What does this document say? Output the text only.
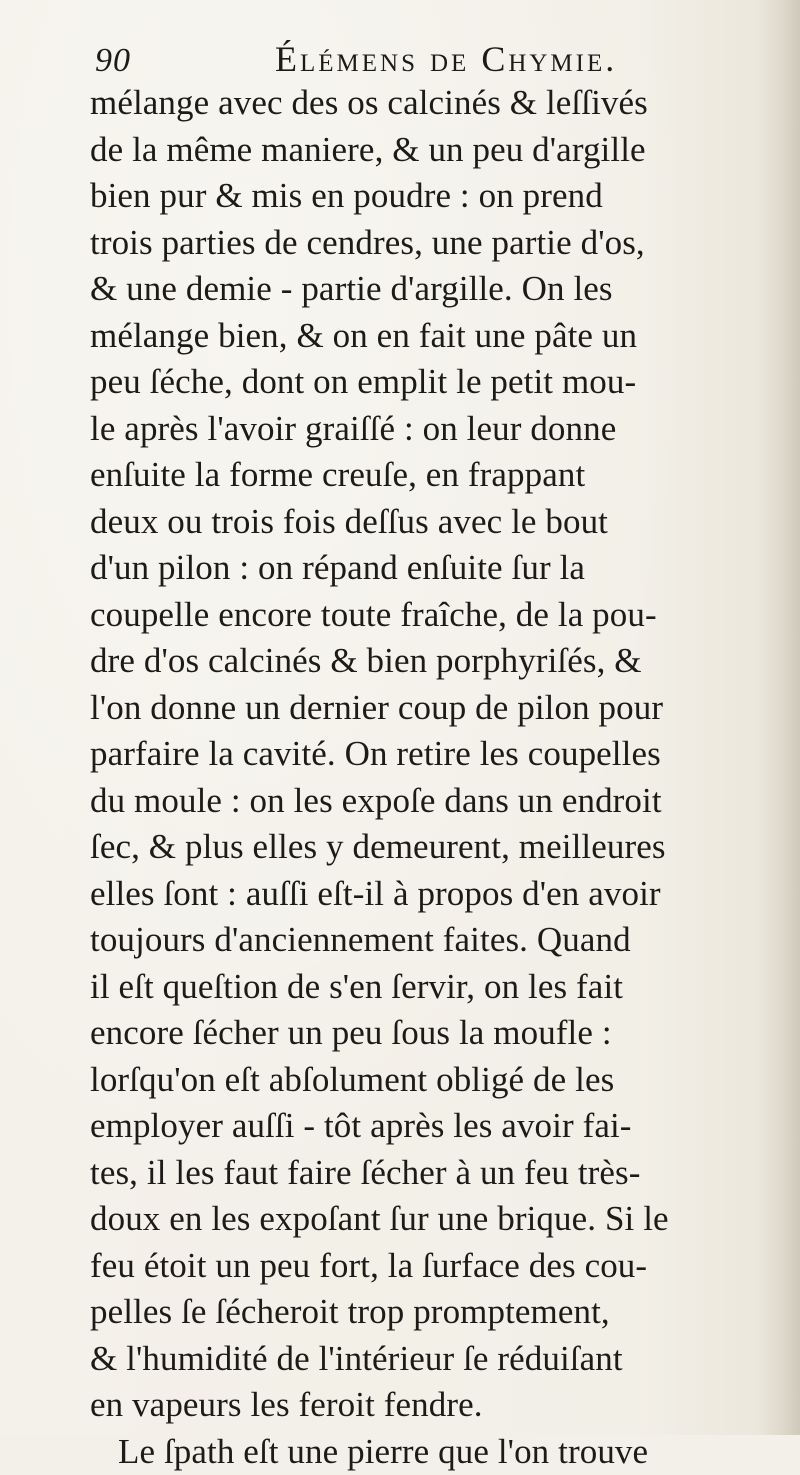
90	Élémens de Chymie.
mélange avec des os calcinés & leſſivés
de la même maniere, & un peu d'argille
bien pur & mis en poudre : on prend
trois parties de cendres, une partie d'os,
& une demie - partie d'argille. On les
mélange bien, & on en fait une pâte un
peu ſéche, dont on emplit le petit mou-
le après l'avoir graiſſé : on leur donne
enſuite la forme creuſe, en frappant
deux ou trois fois deſſus avec le bout
d'un pilon : on répand enſuite ſur la
coupelle encore toute fraîche, de la pou-
dre d'os calcinés & bien porphyriſés, &
l'on donne un dernier coup de pilon pour
parfaire la cavité. On retire les coupelles
du moule : on les expoſe dans un endroit
ſec, & plus elles y demeurent, meilleures
elles ſont : auſſi eſt-il à propos d'en avoir
toujours d'anciennement faites. Quand
il eſt queſtion de s'en ſervir, on les fait
encore ſécher un peu ſous la moufle :
lorſqu'on eſt abſolument obligé de les
employer auſſi - tôt après les avoir fai-
tes, il les faut faire ſécher à un feu très-
doux en les expoſant ſur une brique. Si le
feu étoit un peu fort, la ſurface des cou-
pelles ſe ſécheroit trop promptement,
& l'humidité de l'intérieur ſe réduiſant
en vapeurs les feroit fendre.
Le ſpath eſt une pierre que l'on trouve
